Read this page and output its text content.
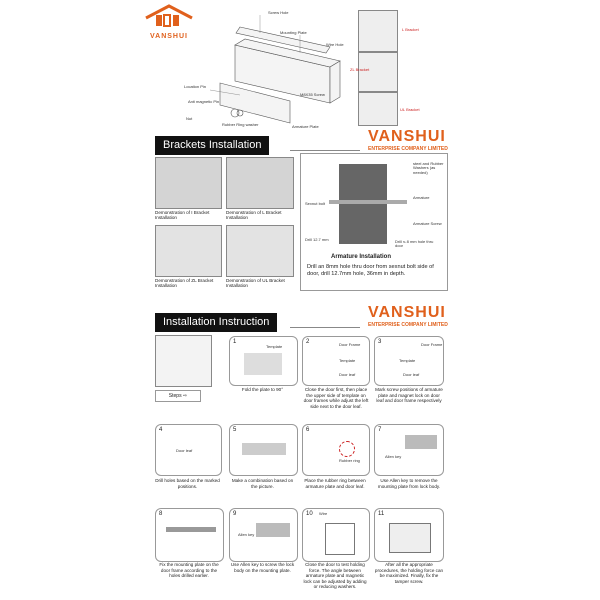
VANSHUI
Screw Hole
Mounting Plate
Wire Hole
M8X35 Screw
Location Pin
Anti magnetic Pin
Nut
Rubber Ring washer	Armature Plate
L Bracket
ZL Bracket
UL Bracket
Brackets Installation	VANSHUI
ENTERPRISE COMPANY LIMITED
Demonstration of I Bracket Installation
Demonstration of L Bracket Installation
Demonstration of ZL Bracket Installation
Demonstration of UL Bracket Installation
steel and Rubber Washers (as needed)
Sexnut bolt
Armature
Armature Screw
Drill 12.7 mm	Drill ъ 8 mm hole thru door
Armature Installation
Drill an 8mm hole thru door from sexnut bolt side of door, drill 12.7mm hole, 36mm in depth.
Installation Instruction
VANSHUI
ENTERPRISE COMPANY LIMITED
Steps ⇨
1
Template
Fold the plate to 90°
2	Door Frame
Template
Door leaf
Close the door first, then place the upper side of template on door frames while adjust the left side next to the door leaf.
3
Template
Door Frame
Door leaf
Mark screw positions of armature plate and magnet lock on door leaf and door frame respectively
4
Door leaf
Drill holes based on the marked positions.
5
Make a combination based on the picture.
6
Rubber ring
Place the rubber ring between armature plate and door leaf.
7
Allen key
Use Allen key to remove the mounting plate from lock body.
8
Fix the mounting plate on the door frame according to the holes drilled earlier.
9
Allen key
Use Allen key to screw the lock body on the mounting plate.
10 Wire
Close the door to test holding force. The angle between armature plate and magnetic lock can be adjusted by adding or reducing washers.
11
After all the appropriate procedures, the holding force can be maximized. Finally, fix the tamper screw.
